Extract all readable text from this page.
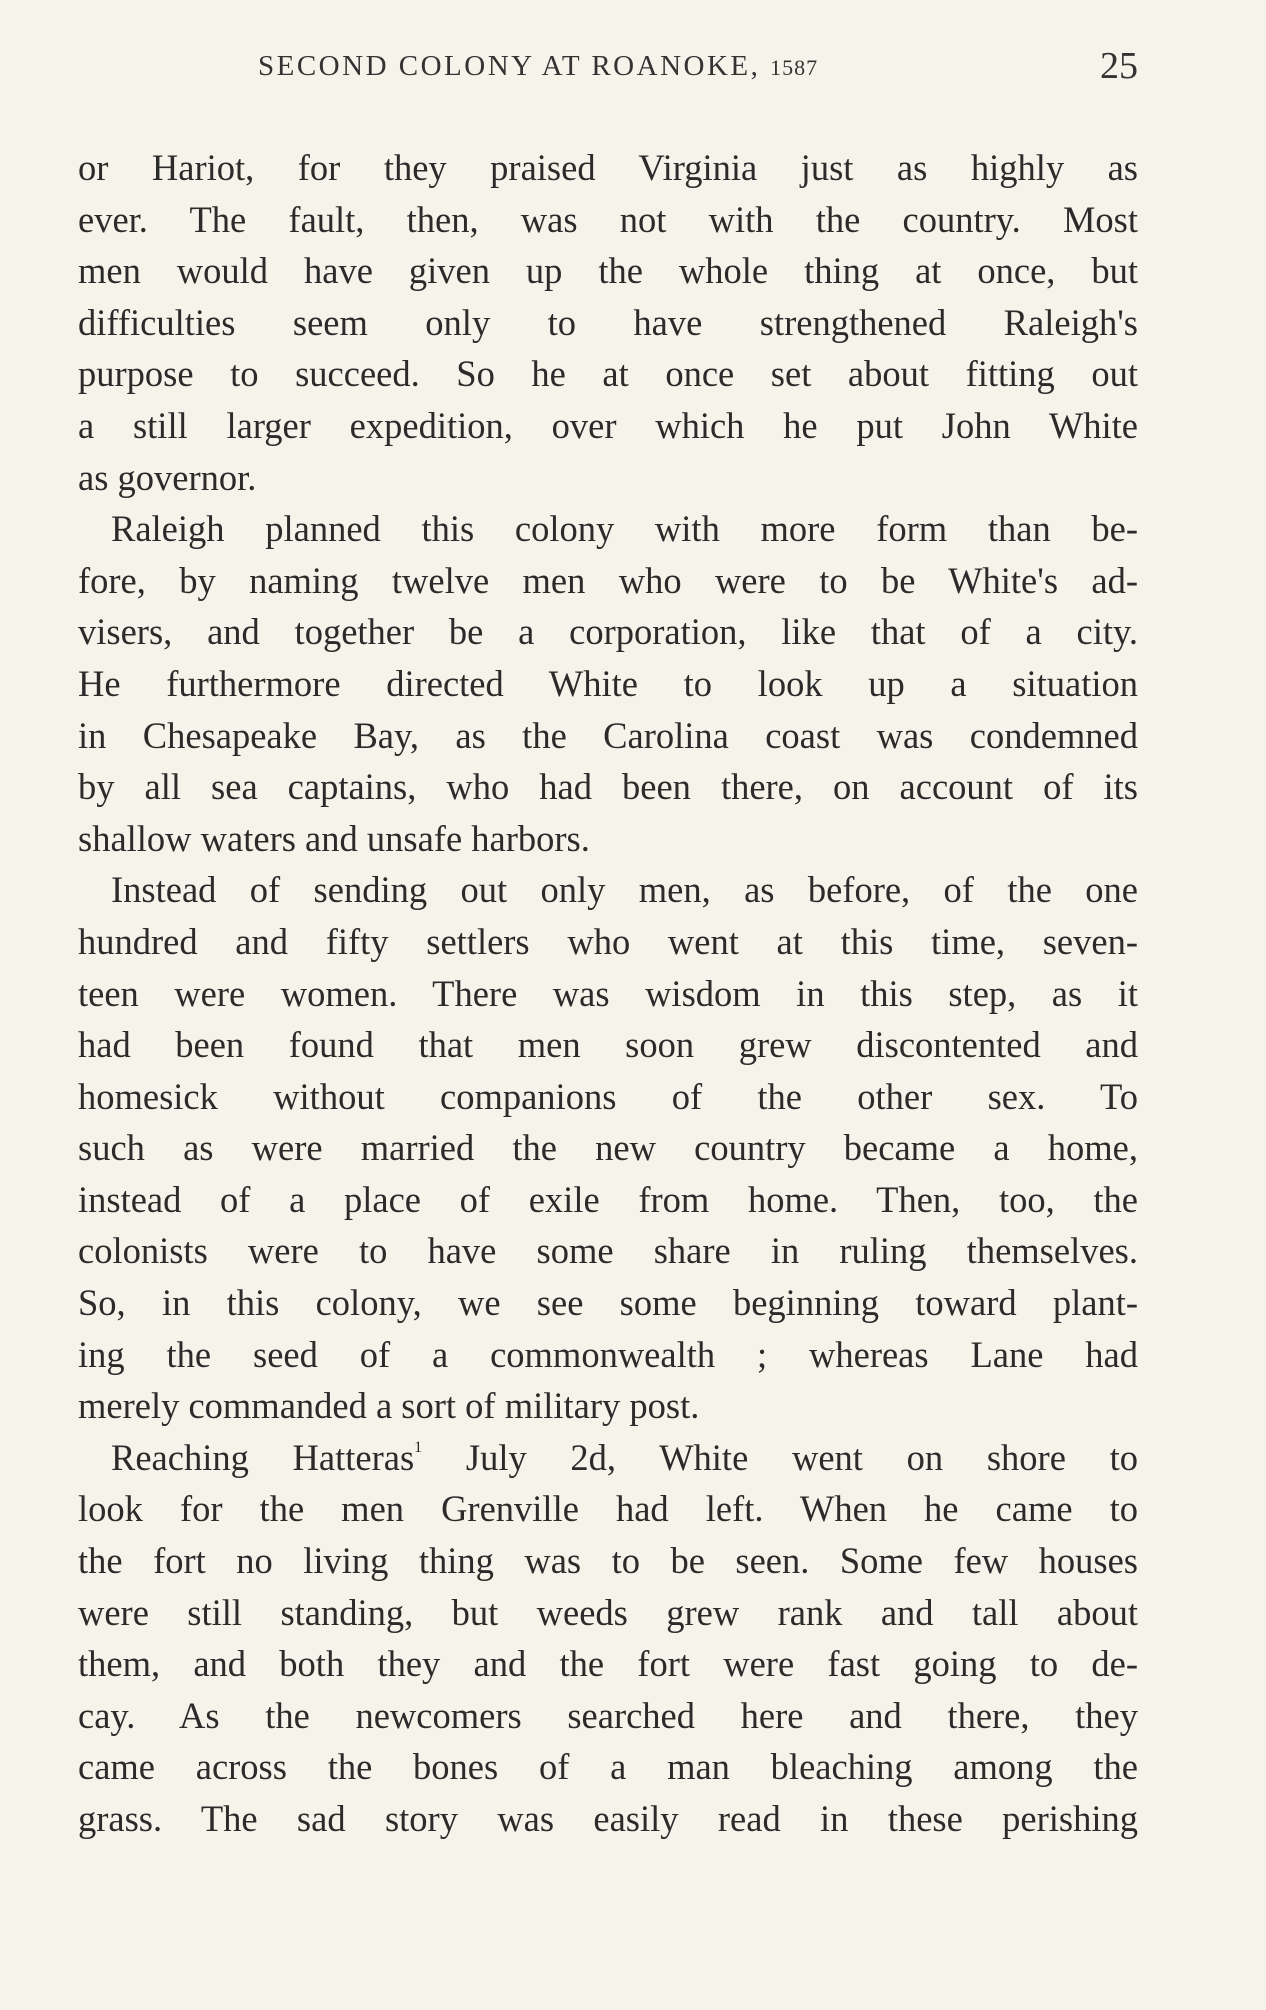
SECOND COLONY AT ROANOKE, 1587	25
or Hariot, for they praised Virginia just as highly as
ever. The fault, then, was not with the country. Most
men would have given up the whole thing at once, but
difficulties seem only to have strengthened Raleigh's
purpose to succeed. So he at once set about fitting out
a still larger expedition, over which he put John White
as governor.
Raleigh planned this colony with more form than be-
fore, by naming twelve men who were to be White's ad-
visers, and together be a corporation, like that of a city.
He furthermore directed White to look up a situation
in Chesapeake Bay, as the Carolina coast was condemned
by all sea captains, who had been there, on account of its
shallow waters and unsafe harbors.
Instead of sending out only men, as before, of the one
hundred and fifty settlers who went at this time, seven-
teen were women. There was wisdom in this step, as it
had been found that men soon grew discontented and
homesick without companions of the other sex. To
such as were married the new country became a home,
instead of a place of exile from home. Then, too, the
colonists were to have some share in ruling themselves.
So, in this colony, we see some beginning toward plant-
ing the seed of a commonwealth ; whereas Lane had
merely commanded a sort of military post.
Reaching Hatteras$^1$ July 2d, White went on shore to
look for the men Grenville had left. When he came to
the fort no living thing was to be seen. Some few houses
were still standing, but weeds grew rank and tall about
them, and both they and the fort were fast going to de-
cay. As the newcomers searched here and there, they
came across the bones of a man bleaching among the
grass. The sad story was easily read in these perishing
